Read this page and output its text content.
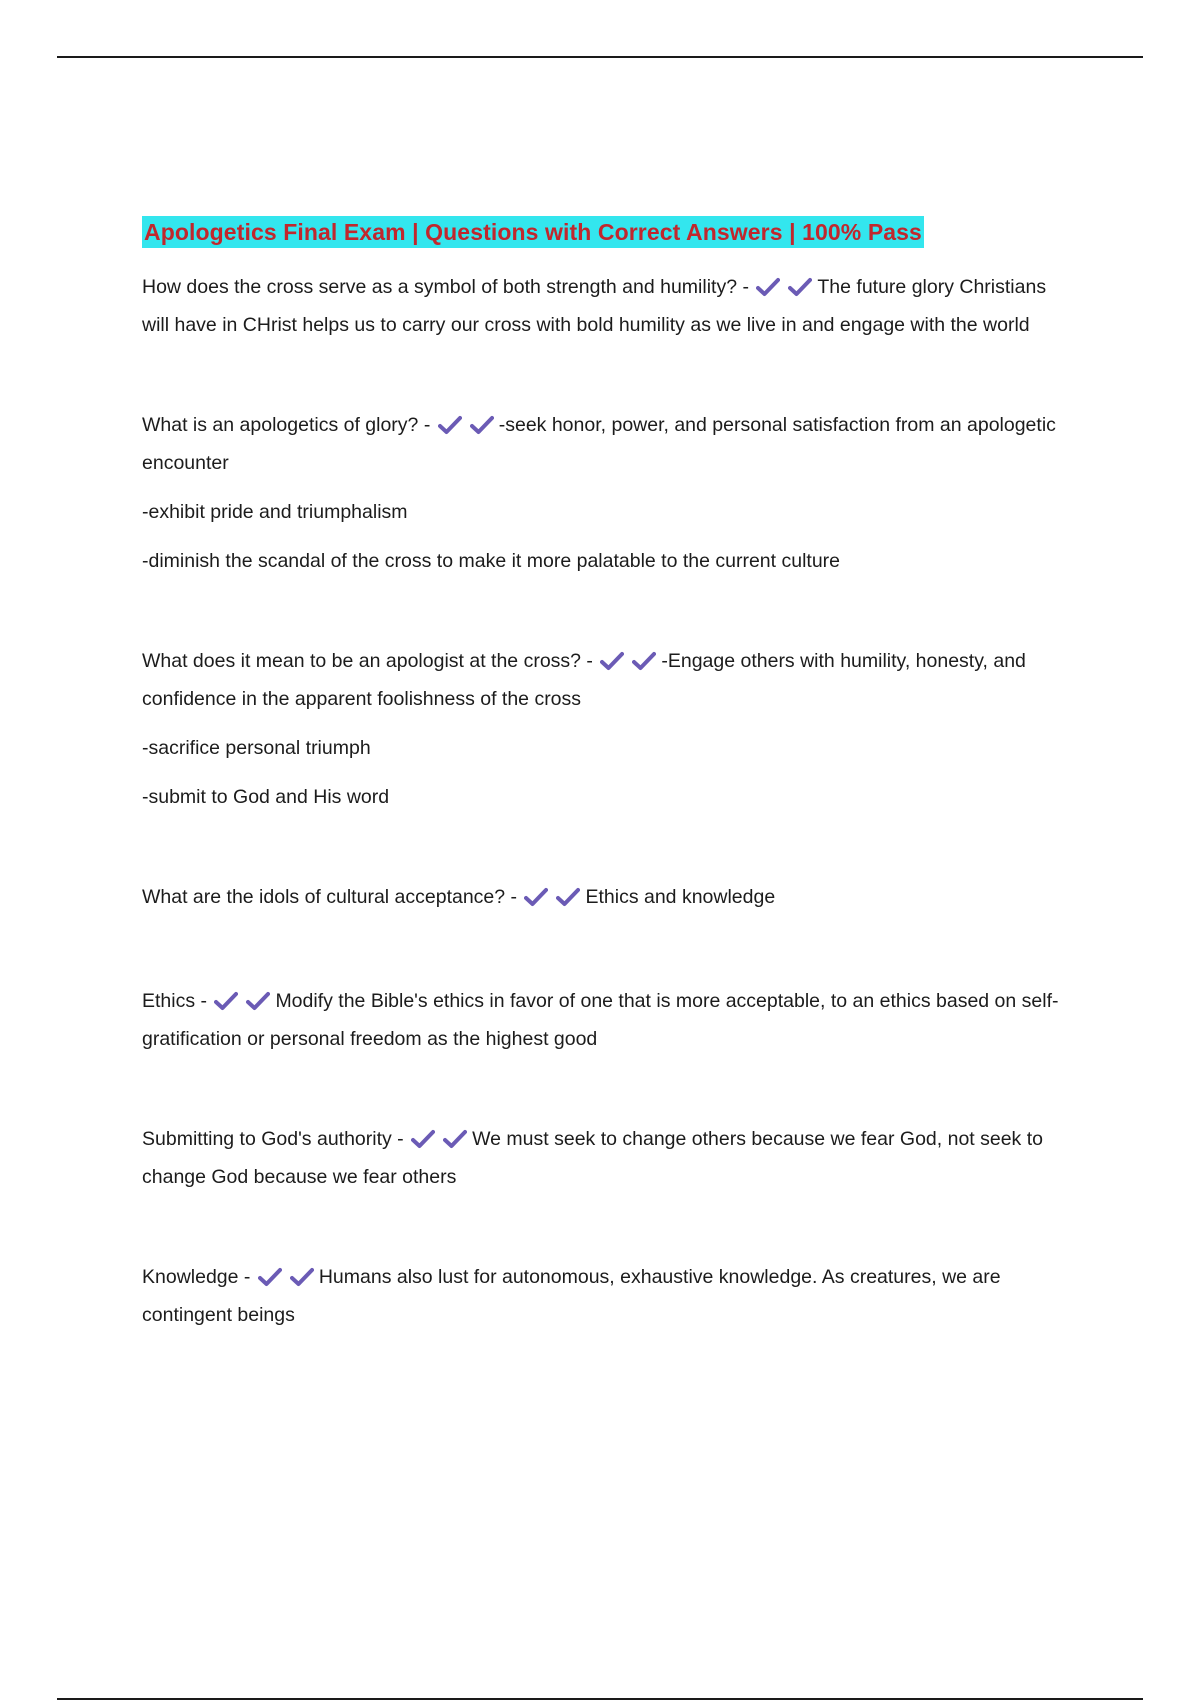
Apologetics Final Exam | Questions with Correct Answers | 100% Pass

How does the cross serve as a symbol of both strength and humility? -	The future glory Christians will have in CHrist helps us to carry our cross with bold humility as we live in and engage with the world

What is an apologetics of glory? -	-seek honor, power, and personal satisfaction from an apologetic encounter

-exhibit pride and triumphalism

-diminish the scandal of the cross to make it more palatable to the current culture

What does it mean to be an apologist at the cross? -	-Engage others with humility, honesty, and confidence in the apparent foolishness of the cross

-sacrifice personal triumph

-submit to God and His word

What are the idols of cultural acceptance? -	Ethics and knowledge

Ethics -	Modify the Bible's ethics in favor of one that is more acceptable, to an ethics based on self-gratification or personal freedom as the highest good

Submitting to God's authority -	We must seek to change others because we fear God, not seek to change God because we fear others

Knowledge -	Humans also lust for autonomous, exhaustive knowledge. As creatures, we are contingent beings
